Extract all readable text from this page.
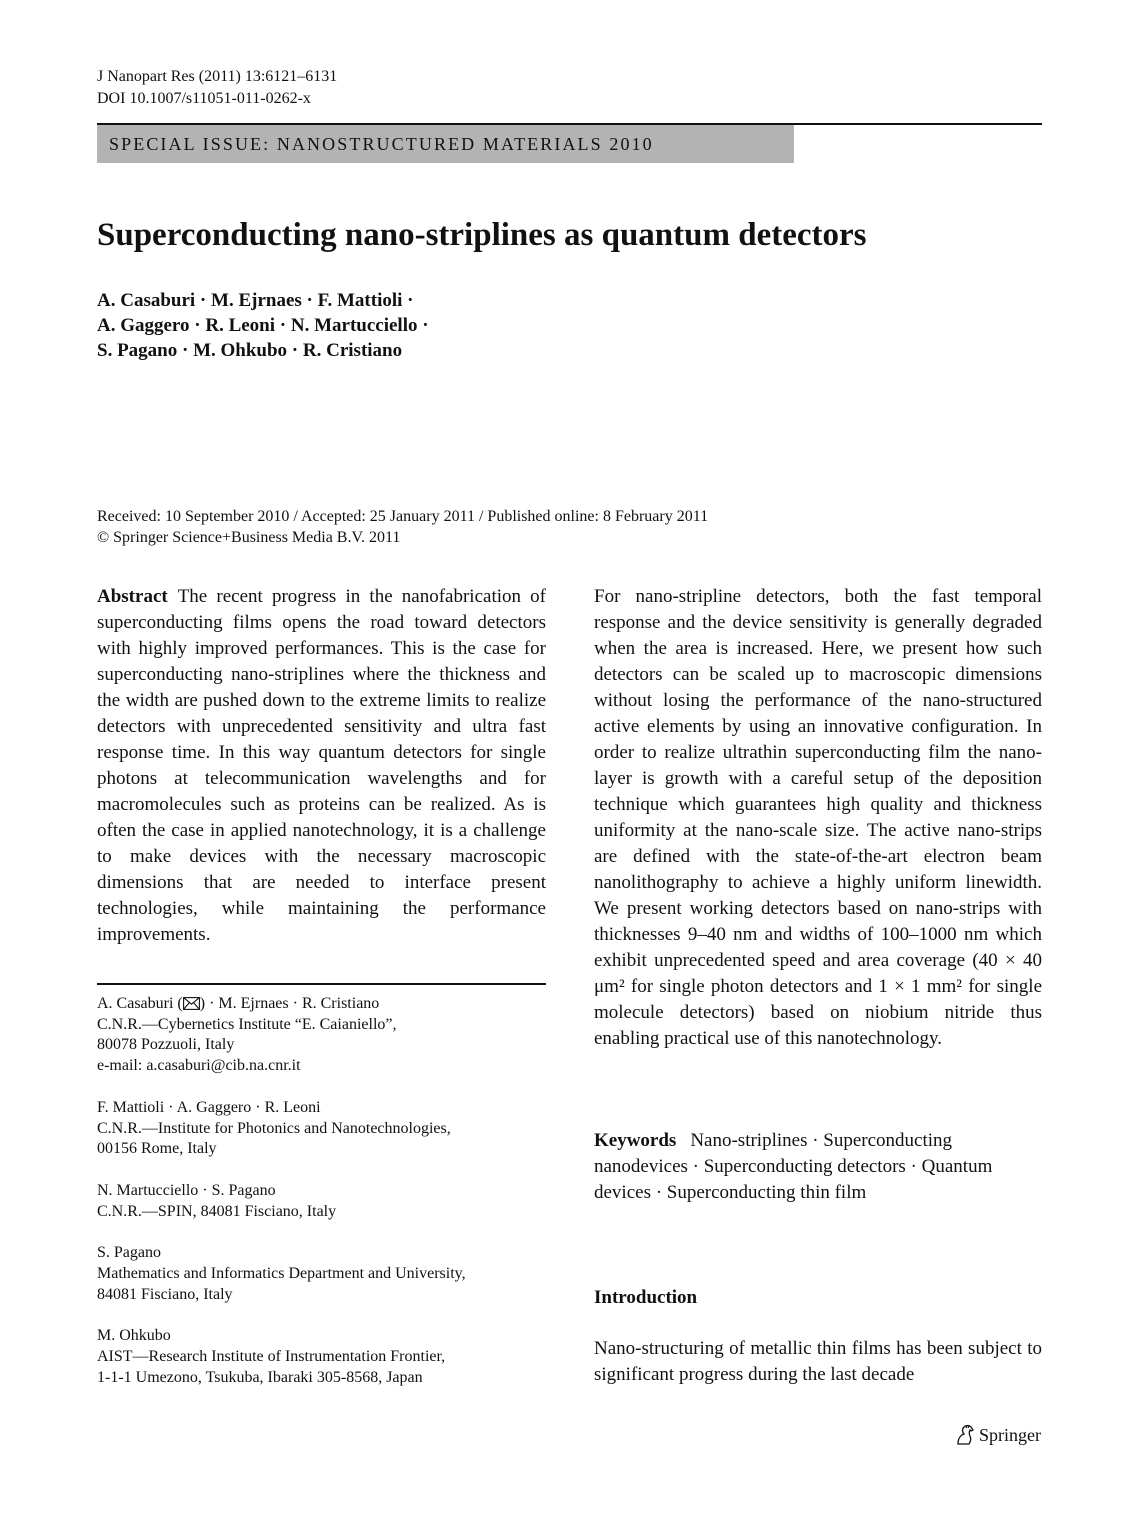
J Nanopart Res (2011) 13:6121–6131
DOI 10.1007/s11051-011-0262-x
SPECIAL ISSUE: NANOSTRUCTURED MATERIALS 2010
Superconducting nano-striplines as quantum detectors
A. Casaburi · M. Ejrnaes · F. Mattioli ·
A. Gaggero · R. Leoni · N. Martucciello ·
S. Pagano · M. Ohkubo · R. Cristiano
Received: 10 September 2010 / Accepted: 25 January 2011 / Published online: 8 February 2011
© Springer Science+Business Media B.V. 2011

Abstract The recent progress in the nanofabrication of superconducting films opens the road toward detectors with highly improved performances. This is the case for superconducting nano-striplines where the thickness and the width are pushed down to the extreme limits to realize detectors with unprecedented sensitivity and ultra fast response time. In this way quantum detectors for single photons at telecommunication wavelengths and for macromolecules such as proteins can be realized. As is often the case in applied nanotechnology, it is a challenge to make devices with the necessary macroscopic dimensions that are needed to interface present technologies, while maintaining the performance improvements.

A. Casaburi ( ) · M. Ejrnaes · R. Cristiano
C.N.R.—Cybernetics Institute “E. Caianiello”,
80078 Pozzuoli, Italy
e-mail: a.casaburi@cib.na.cnr.it
F. Mattioli · A. Gaggero · R. Leoni
C.N.R.—Institute for Photonics and Nanotechnologies,
00156 Rome, Italy
N. Martucciello · S. Pagano
C.N.R.—SPIN, 84081 Fisciano, Italy
S. Pagano
Mathematics and Informatics Department and University,
84081 Fisciano, Italy
M. Ohkubo
AIST—Research Institute of Instrumentation Frontier,
1-1-1 Umezono, Tsukuba, Ibaraki 305-8568, Japan

For nano-stripline detectors, both the fast temporal response and the device sensitivity is generally degraded when the area is increased. Here, we present how such detectors can be scaled up to macroscopic dimensions without losing the performance of the nano-structured active elements by using an innovative configuration. In order to realize ultrathin superconducting film the nano-layer is growth with a careful setup of the deposition technique which guarantees high quality and thickness uniformity at the nano-scale size. The active nano-strips are defined with the state-of-the-art electron beam nanolithography to achieve a highly uniform linewidth. We present working detectors based on nano-strips with thicknesses 9–40 nm and widths of 100–1000 nm which exhibit unprecedented speed and area coverage (40 × 40 μm² for single photon detectors and 1 × 1 mm² for single molecule detectors) based on niobium nitride thus enabling practical use of this nanotechnology.

Keywords Nano-striplines · Superconducting nanodevices · Superconducting detectors · Quantum devices · Superconducting thin film
Introduction

Nano-structuring of metallic thin films has been subject to significant progress during the last decade

Springer
